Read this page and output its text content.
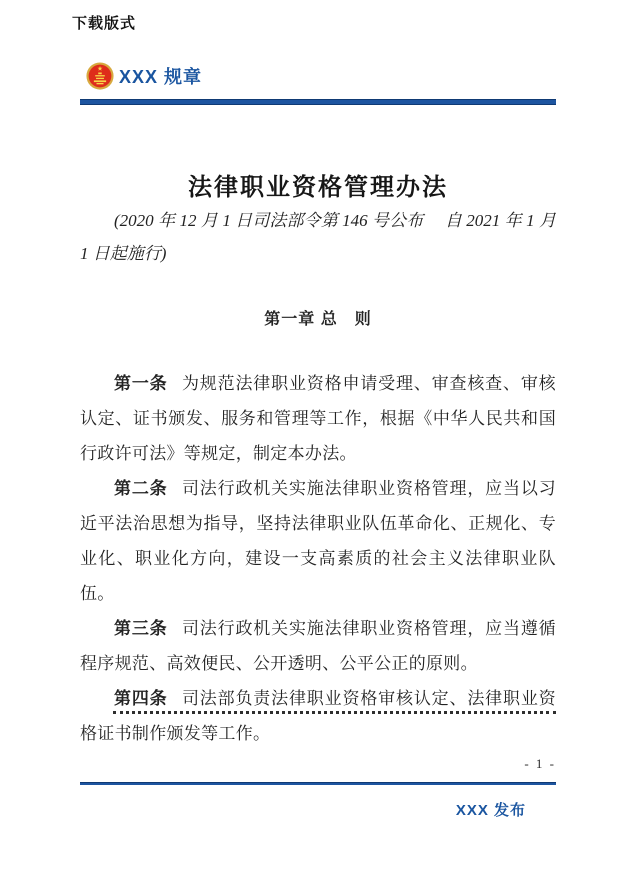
下载版式
XXX 规章
法律职业资格管理办法

(2020 年 12 月 1 日司法部令第 146 号公布　 自 2021 年 1 月 1 日起施行)

第一章 总　则

第一条 为规范法律职业资格申请受理、审查核查、审核认定、证书颁发、服务和管理等工作，根据《中华人民共和国行政许可法》等规定，制定本办法。

第二条 司法行政机关实施法律职业资格管理，应当以习近平法治思想为指导，坚持法律职业队伍革命化、正规化、专业化、职业化方向，建设一支高素质的社会主义法律职业队伍。

第三条 司法行政机关实施法律职业资格管理，应当遵循程序规范、高效便民、公开透明、公平公正的原则。

第四条 司法部负责法律职业资格审核认定、法律职业资格证书制作颁发等工作。

- 1 -
XXX 发布
